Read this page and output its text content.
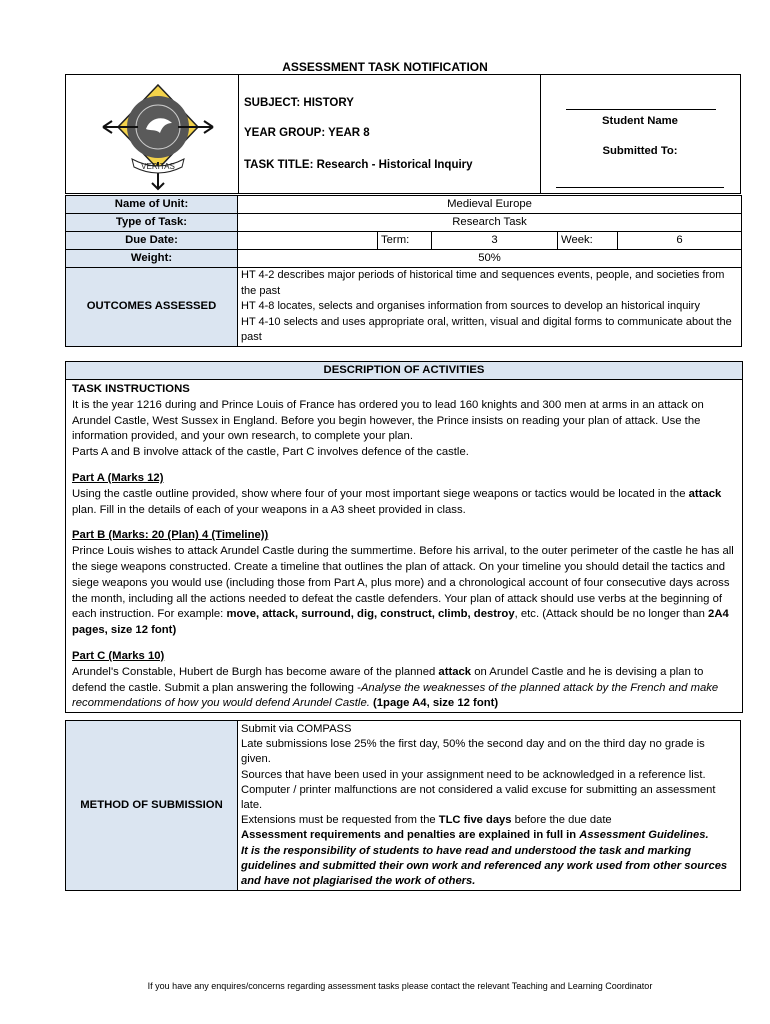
ASSESSMENT TASK NOTIFICATION
VERITAS

SUBJECT: HISTORY

YEAR GROUP: YEAR 8

TASK TITLE: Research - Historical Inquiry

Student Name
Submitted To:
Name of Unit:	Medieval Europe				
Type of Task:	Research Task				
Due Date:		Term:	3	Week:	6
Weight:	50%				
OUTCOMES ASSESSED	HT 4-2 describes major periods of historical time and sequences events, people, and societies from the past
HT 4-8 locates, selects and organises information from sources to develop an historical inquiry
HT 4-10 selects and uses appropriate oral, written, visual and digital forms to communicate about the past				
DESCRIPTION OF ACTIVITIES

TASK INSTRUCTIONS

It is the year 1216 during and Prince Louis of France has ordered you to lead 160 knights and 300 men at arms in an attack on Arundel Castle, West Sussex in England. Before you begin however, the Prince insists on reading your plan of attack. Use the information provided, and your own research, to complete your plan.

Parts A and B involve attack of the castle, Part C involves defence of the castle.

Part A (Marks 12)

Using the castle outline provided, show where four of your most important siege weapons or tactics would be located in the attack plan. Fill in the details of each of your weapons in a A3 sheet provided in class.

Part B (Marks: 20 (Plan) 4 (Timeline))

Prince Louis wishes to attack Arundel Castle during the summertime. Before his arrival, to the outer perimeter of the castle he has all the siege weapons constructed. Create a timeline that outlines the plan of attack. On your timeline you should detail the tactics and siege weapons you would use (including those from Part A, plus more) and a chronological account of four consecutive days across the month, including all the actions needed to defeat the castle defenders. Your plan of attack should use verbs at the beginning of each instruction. For example: move, attack, surround, dig, construct, climb, destroy, etc. (Attack should be no longer than 2A4 pages, size 12 font)

Part C (Marks 10)

Arundel's Constable, Hubert de Burgh has become aware of the planned attack on Arundel Castle and he is devising a plan to defend the castle. Submit a plan answering the following -Analyse the weaknesses of the planned attack by the French and make recommendations of how you would defend Arundel Castle. (1page A4, size 12 font)

METHOD OF SUBMISSION	
Submit via COMPASS
Late submissions lose 25% the first day, 50% the second day and on the third day no grade is given.
Sources that have been used in your assignment need to be acknowledged in a reference list.
Computer / printer malfunctions are not considered a valid excuse for submitting an assessment late.
Extensions must be requested from the TLC five days before the due date
Assessment requirements and penalties are explained in full in Assessment Guidelines.
It is the responsibility of students to have read and understood the task and marking guidelines and submitted their own work and referenced any work used from other sources and have not plagiarised the work of others.
If you have any enquires/concerns regarding assessment tasks please contact the relevant Teaching and Learning Coordinator
